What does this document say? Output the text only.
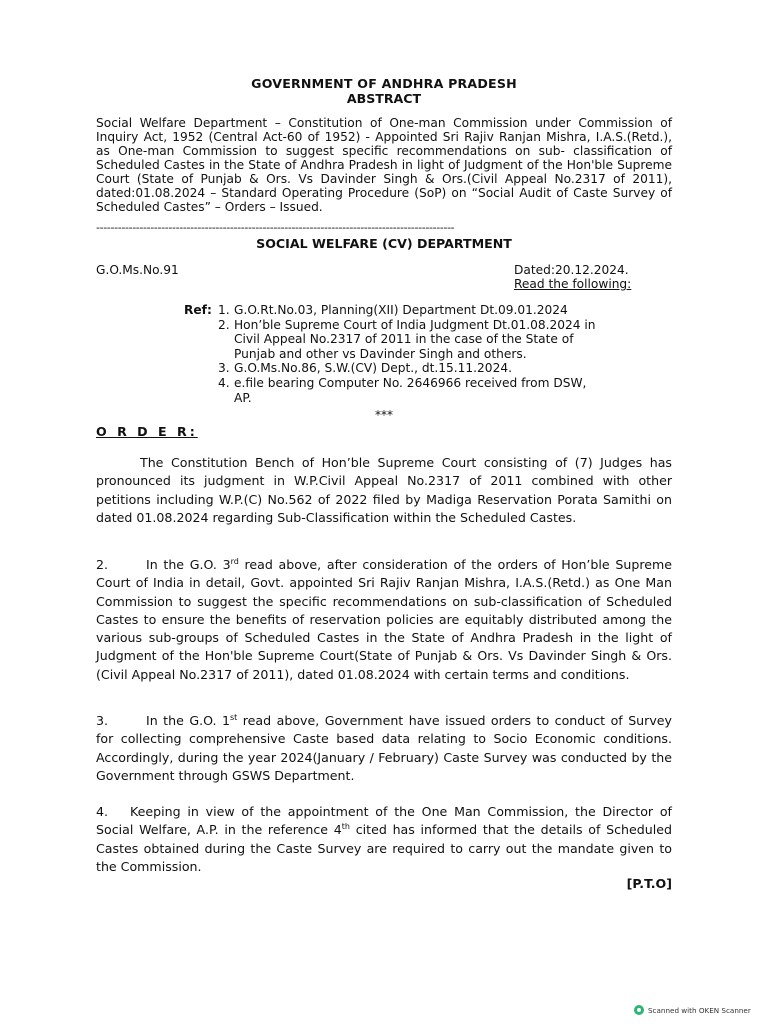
GOVERNMENT OF ANDHRA PRADESH
ABSTRACT
Social Welfare Department – Constitution of One-man Commission under Commission of Inquiry Act, 1952 (Central Act-60 of 1952) - Appointed Sri Rajiv Ranjan Mishra, I.A.S.(Retd.), as One-man Commission to suggest specific recommendations on sub- classification of Scheduled Castes in the State of Andhra Pradesh in light of Judgment of the Hon'ble Supreme Court (State of Punjab & Ors. Vs Davinder Singh & Ors.(Civil Appeal No.2317 of 2011), dated:01.08.2024 – Standard Operating Procedure (SoP) on “Social Audit of Caste Survey of Scheduled Castes” – Orders – Issued.
---------------------------------------------------------------------------------------------------
SOCIAL WELFARE (CV) DEPARTMENT
G.O.Ms.No.91	Dated:20.12.2024.
Read the following:
Ref: 1. G.O.Rt.No.03, Planning(XII) Department Dt.09.01.2024
2. Hon’ble Supreme Court of India Judgment Dt.01.08.2024 in Civil Appeal No.2317 of 2011 in the case of the State of Punjab and other vs Davinder Singh and others.
3. G.O.Ms.No.86, S.W.(CV) Dept., dt.15.11.2024.
4. e.file bearing Computer No. 2646966 received from DSW, AP.
***
O R D E R:
The Constitution Bench of Hon’ble Supreme Court consisting of (7) Judges has pronounced its judgment in W.P.Civil Appeal No.2317 of 2011 combined with other petitions including W.P.(C) No.562 of 2022 filed by Madiga Reservation Porata Samithi on dated 01.08.2024 regarding Sub-Classification within the Scheduled Castes.
2.	In the G.O. 3rd read above, after consideration of the orders of Hon’ble Supreme Court of India in detail, Govt. appointed Sri Rajiv Ranjan Mishra, I.A.S.(Retd.) as One Man Commission to suggest the specific recommendations on sub-classification of Scheduled Castes to ensure the benefits of reservation policies are equitably distributed among the various sub-groups of Scheduled Castes in the State of Andhra Pradesh in the light of Judgment of the Hon'ble Supreme Court(State of Punjab & Ors. Vs Davinder Singh & Ors. (Civil Appeal No.2317 of 2011), dated 01.08.2024 with certain terms and conditions.
3.	In the G.O. 1st read above, Government have issued orders to conduct of Survey for collecting comprehensive Caste based data relating to Socio Economic conditions. Accordingly, during the year 2024(January / February) Caste Survey was conducted by the Government through GSWS Department.
4. Keeping in view of the appointment of the One Man Commission, the Director of Social Welfare, A.P. in the reference 4th cited has informed that the details of Scheduled Castes obtained during the Caste Survey are required to carry out the mandate given to the Commission.
[P.T.O]
Scanned with OKEN Scanner
